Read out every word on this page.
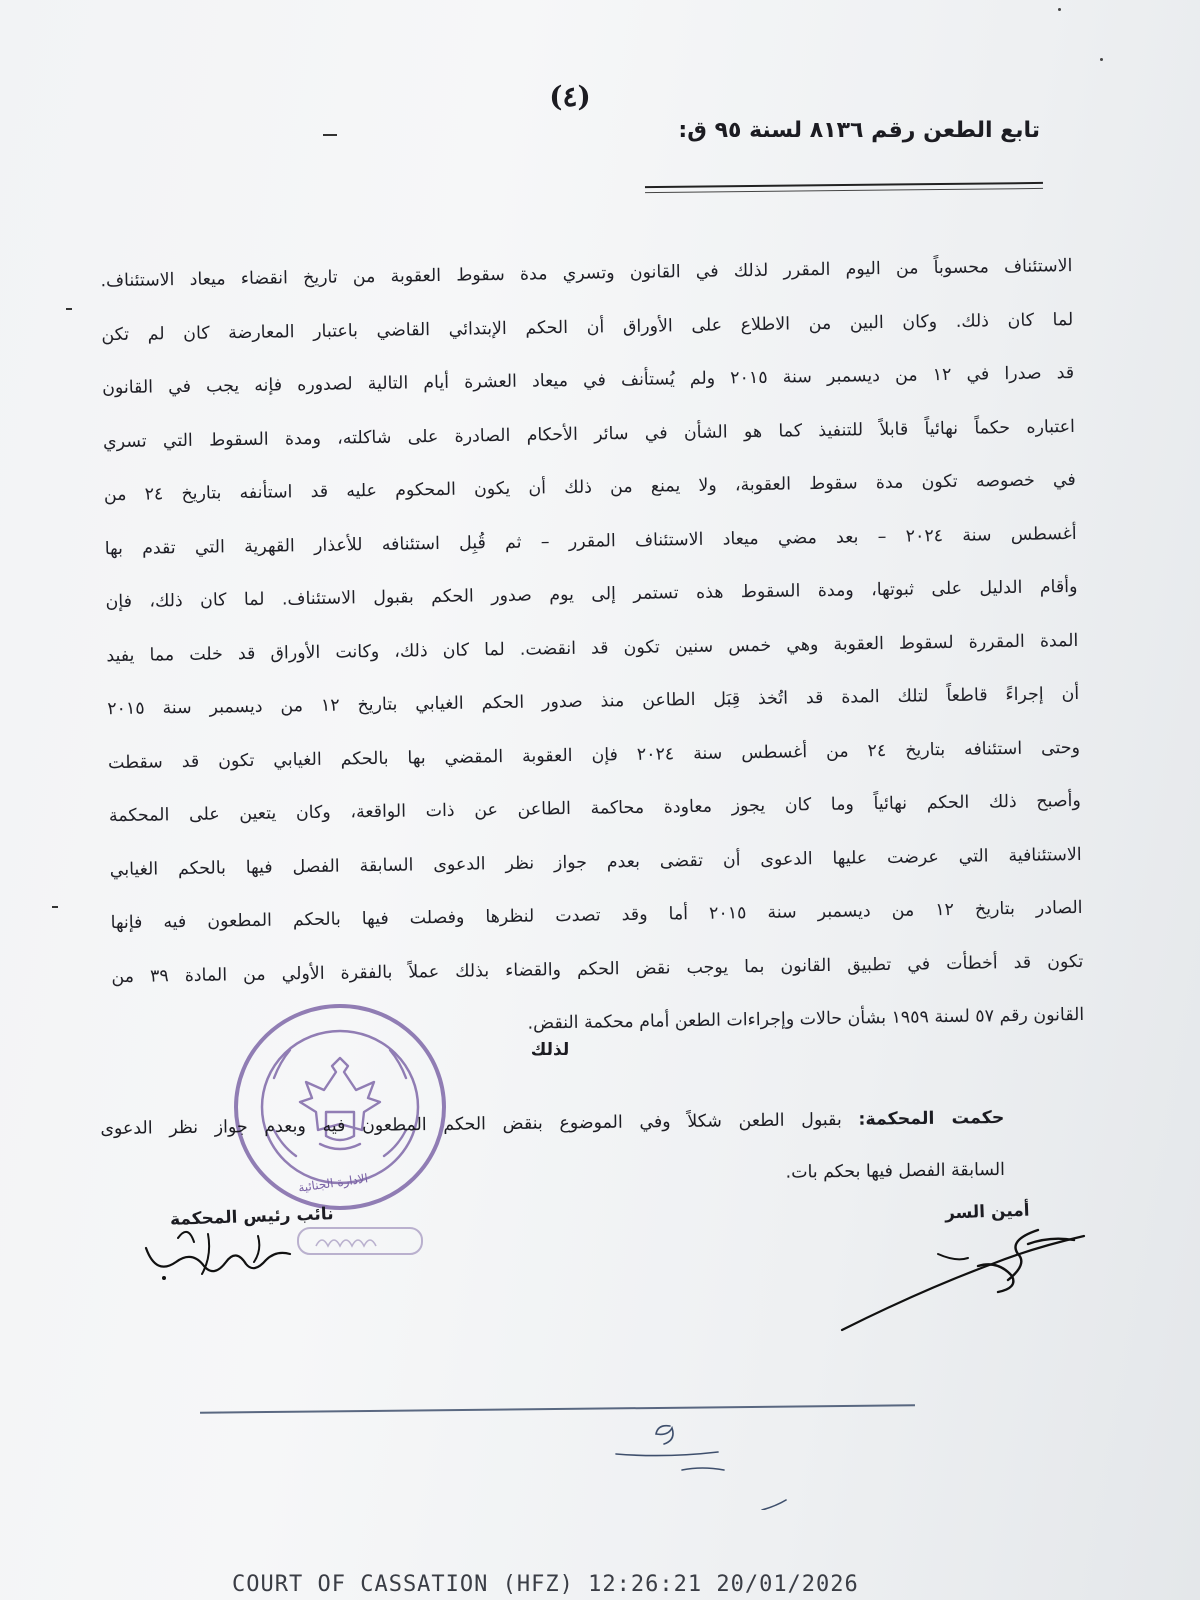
(٤)
تابع الطعن رقم ٨١٣٦ لسنة ٩٥ ق:
الاستئناف محسوباً من اليوم المقرر لذلك في القانون وتسري مدة سقوط العقوبة من تاريخ انقضاء ميعاد الاستئناف.
لما كان ذلك. وكان البين من الاطلاع على الأوراق أن الحكم الإبتدائي القاضي باعتبار المعارضة كان لم تكن
قد صدرا في ١٢ من ديسمبر سنة ٢٠١٥ ولم يُستأنف في ميعاد العشرة أيام التالية لصدوره فإنه يجب في القانون
اعتباره حكماً نهائياً قابلاً للتنفيذ كما هو الشأن في سائر الأحكام الصادرة على شاكلته، ومدة السقوط التي تسري
في خصوصه تكون مدة سقوط العقوبة، ولا يمنع من ذلك أن يكون المحكوم عليه قد استأنفه بتاريخ ٢٤ من
أغسطس سنة ٢٠٢٤ – بعد مضي ميعاد الاستئناف المقرر – ثم قُبِل استئنافه للأعذار القهرية التي تقدم بها
وأقام الدليل على ثبوتها، ومدة السقوط هذه تستمر إلى يوم صدور الحكم بقبول الاستئناف. لما كان ذلك، فإن
المدة المقررة لسقوط العقوبة وهي خمس سنين تكون قد انقضت. لما كان ذلك، وكانت الأوراق قد خلت مما يفيد
أن إجراءً قاطعاً لتلك المدة قد اتُخذ قِبَل الطاعن منذ صدور الحكم الغيابي بتاريخ ١٢ من ديسمبر سنة ٢٠١٥
وحتى استئنافه بتاريخ ٢٤ من أغسطس سنة ٢٠٢٤ فإن العقوبة المقضي بها بالحكم الغيابي تكون قد سقطت
وأصبح ذلك الحكم نهائياً وما كان يجوز معاودة محاكمة الطاعن عن ذات الواقعة، وكان يتعين على المحكمة
الاستئنافية التي عرضت عليها الدعوى أن تقضى بعدم جواز نظر الدعوى السابقة الفصل فيها بالحكم الغيابي
الصادر بتاريخ ١٢ من ديسمبر سنة ٢٠١٥ أما وقد تصدت لنظرها وفصلت فيها بالحكم المطعون فيه فإنها
تكون قد أخطأت في تطبيق القانون بما يوجب نقض الحكم والقضاء بذلك عملاً بالفقرة الأولي من المادة ٣٩ من
القانون رقم ٥٧ لسنة ١٩٥٩ بشأن حالات وإجراءات الطعن أمام محكمة النقض.
الادارة الجنائية
لذلك
حكمت المحكمة: بقبول الطعن شكلاً وفي الموضوع بنقض الحكم المطعون فيه وبعدم جواز نظر الدعوى
السابقة الفصل فيها بحكم بات.
نائب رئيس المحكمة	أمين السر
COURT OF CASSATION (HFZ) 12:26:21 20/01/2026
